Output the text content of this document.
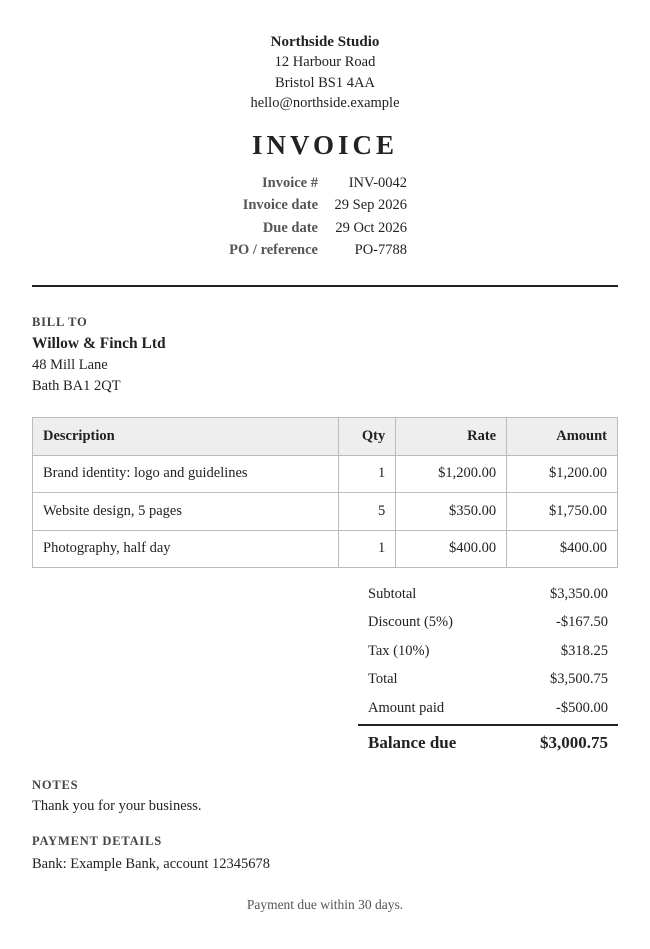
Northside Studio
12 Harbour Road
Bristol BS1 4AA
hello@northside.example
INVOICE
Invoice #	INV-0042
Invoice date	29 Sep 2026
Due date	29 Oct 2026
PO / reference	PO-7788
BILL TO
Willow & Finch Ltd
48 Mill Lane
Bath BA1 2QT
Description	Qty	Rate	Amount
Brand identity: logo and guidelines	1	$1,200.00	$1,200.00
Website design, 5 pages	5	$350.00	$1,750.00
Photography, half day	1	$400.00	$400.00
Subtotal	$3,350.00
Discount (5%)	-$167.50
Tax (10%)	$318.25
Total	$3,500.75
Amount paid	-$500.00
Balance due	$3,000.75
NOTES
Thank you for your business.
PAYMENT DETAILS
Bank: Example Bank, account 12345678
Payment due within 30 days.
